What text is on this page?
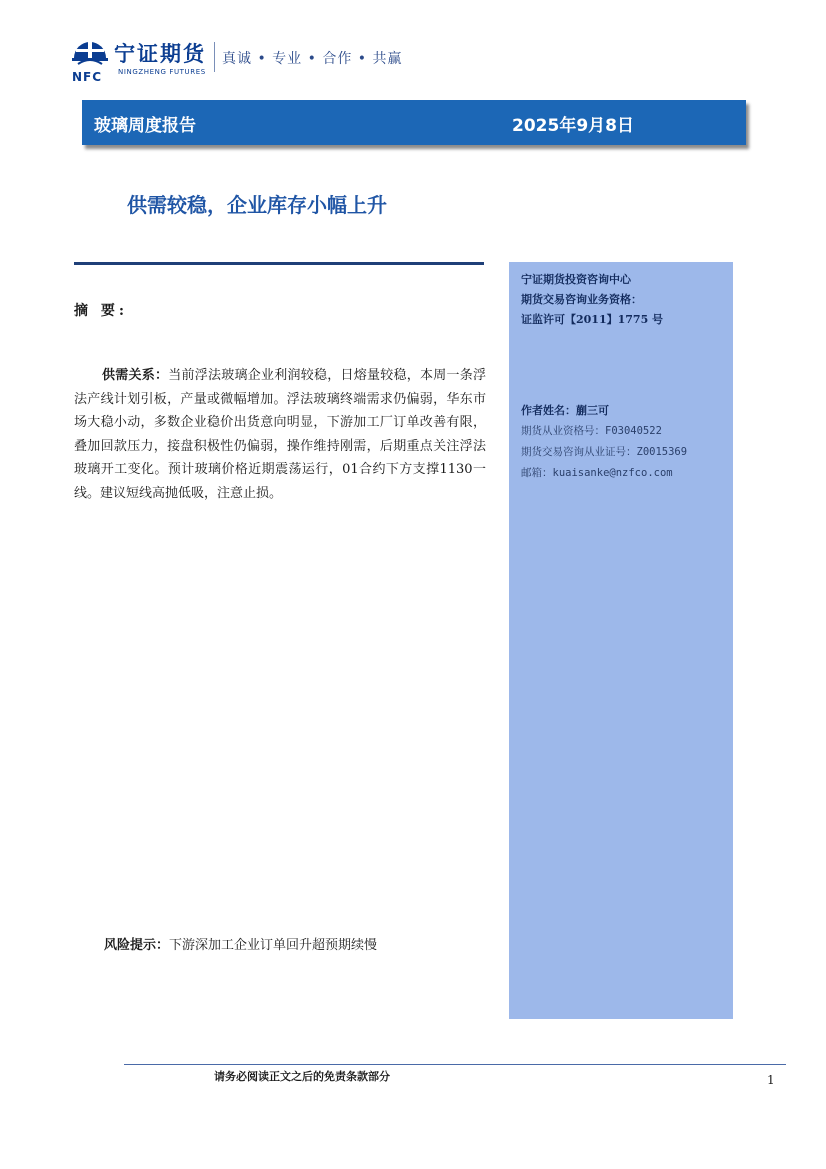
NFC
宁证期货
NINGZHENG FUTURES
真诚 • 专业 • 合作 • 共赢
玻璃周度报告	2025年9月8日
供需较稳，企业库存小幅上升
摘 要:

供需关系：当前浮法玻璃企业利润较稳，日熔量较稳，本周一条浮法产线计划引板，产量或微幅增加。浮法玻璃终端需求仍偏弱，华东市场大稳小动，多数企业稳价出货意向明显，下游加工厂订单改善有限，叠加回款压力，接盘积极性仍偏弱，操作维持刚需，后期重点关注浮法玻璃开工变化。预计玻璃价格近期震荡运行，01合约下方支撑1130一线。建议短线高抛低吸，注意止损。

风险提示：下游深加工企业订单回升超预期续慢

宁证期货投资咨询中心
期货交易咨询业务资格：
证监许可【2011】1775 号
作者姓名：蒯三可
期货从业资格号：F03040522
期货交易咨询从业证号：Z0015369
邮箱：kuaisanke@nzfco.com
请务必阅读正文之后的免责条款部分	1
